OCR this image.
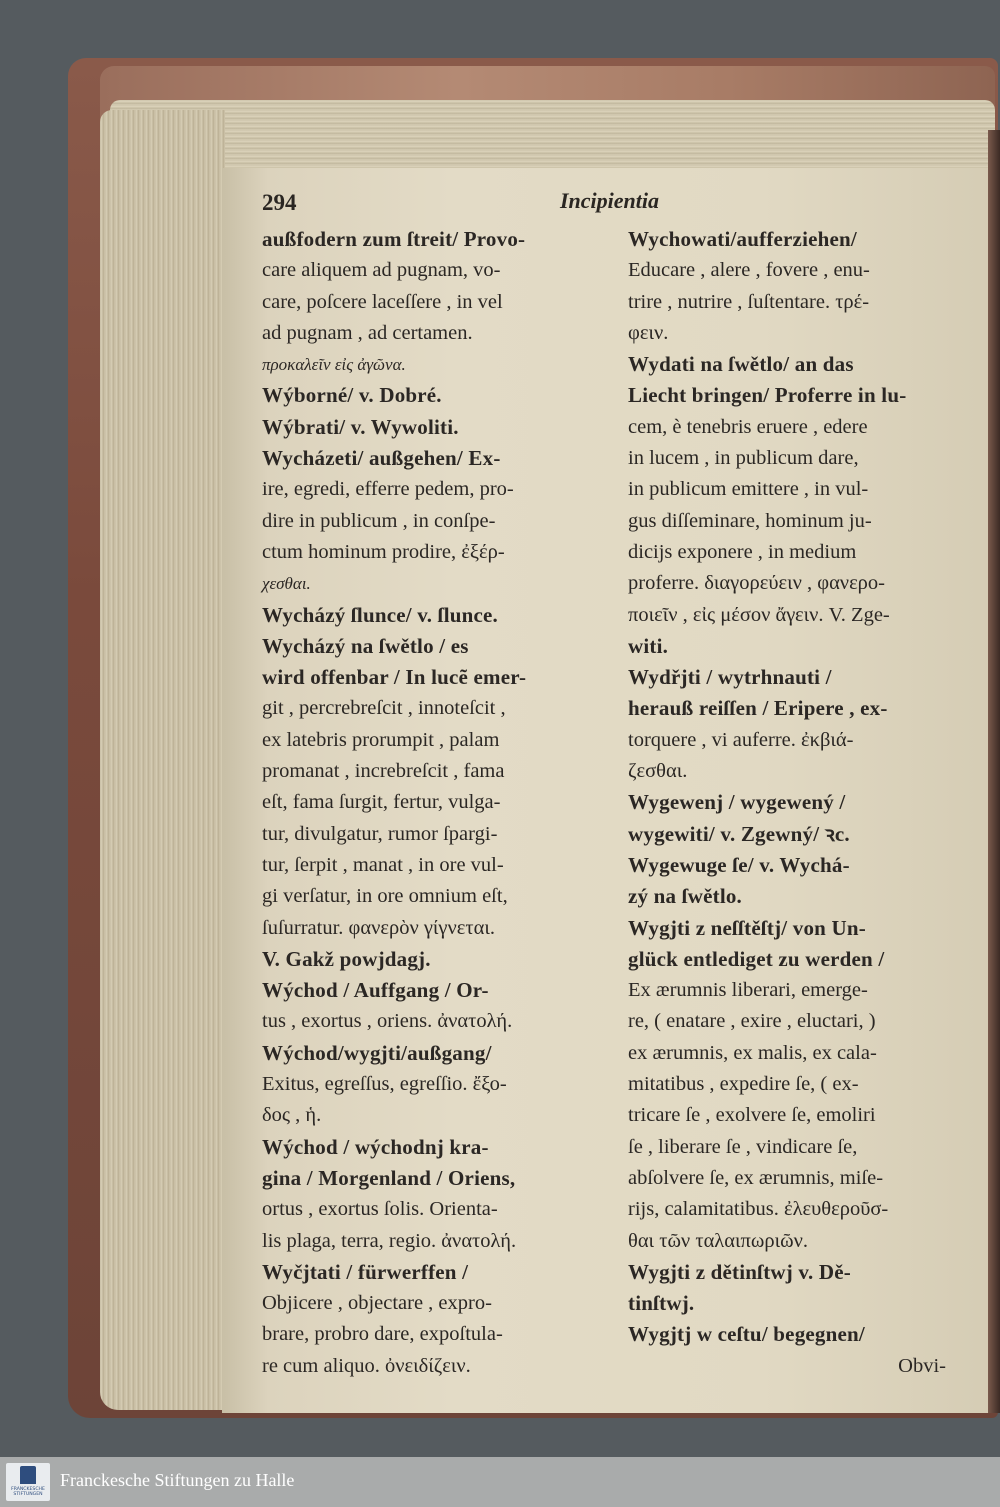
294	Incipientia
außfodern zum ſtreit/ Provo-
care aliquem ad pugnam, vo-
care, poſcere laceſſere , in vel
ad pugnam , ad certamen.
προκαλεῖν εἰς ἀγῶνα.
Wýborné/ v. Dobré.
Wýbrati/ v. Wywoliti.
Wycházeti/ außgehen/ Ex-
ire, egredi, efferre pedem, pro-
dire in publicum , in conſpe-
ctum hominum prodire, ἐξέρ-
χεσθαι.
Wycházý ſlunce/ v. ſlunce.
Wycházý na ſwětlo / es
wird offenbar / In lucẽ emer-
git , percrebreſcit , innoteſcit ,
ex latebris prorumpit , palam
promanat , increbreſcit , fama
eſt, fama ſurgit, fertur, vulga-
tur, divulgatur, rumor ſpargi-
tur, ſerpit , manat , in ore vul-
gi verſatur, in ore omnium eſt,
ſuſurratur. φανερὸν γίγνεται.
V. Gakž powjdagj.
Wýchod / Auffgang / Or-
tus , exortus , oriens. ἀνατολή.
Wýchod/wygjti/außgang/
Exitus, egreſſus, egreſſio. ἔξο-
δος , ἡ.
Wýchod / wýchodnj kra-
gina / Morgenland / Oriens,
ortus , exortus ſolis. Orienta-
lis plaga, terra, regio. ἀνατολή.
Wyčjtati / fürwerffen /
Objicere , objectare , expro-
brare, probro dare, expoſtula-
re cum aliquo. ὀνειδίζειν.
Wychowati/aufferziehen/
Educare , alere , fovere , enu-
trire , nutrire , ſuſtentare. τρέ-
φειν.
Wydati na ſwětlo/ an das
Liecht bringen/ Proferre in lu-
cem, è tenebris eruere , edere
in lucem , in publicum dare,
in publicum emittere , in vul-
gus diſſeminare, hominum ju-
dicijs exponere , in medium
proferre. διαγορεύειν , φανερο-
ποιεῖν , εἰς μέσον ἄγειν. V. Zge-
witi.
Wydřjti / wytrhnauti /
herauß reiſſen / Eripere , ex-
torquere , vi auferre. ἐκβιά-
ζεσθαι.
Wygewenj / wygewený /
wygewiti/ v. Zgewný/ ꝛc.
Wygewuge ſe/ v. Wychá-
zý na ſwětlo.
Wygjti z neſſtěſtj/ von Un-
glück entlediget zu werden /
Ex ærumnis liberari, emerge-
re, ( enatare , exire , eluctari, )
ex ærumnis, ex malis, ex cala-
mitatibus , expedire ſe, ( ex-
tricare ſe , exolvere ſe, emoliri
ſe , liberare ſe , vindicare ſe,
abſolvere ſe, ex ærumnis, miſe-
rijs, calamitatibus. ἐλευθεροῦσ-
θαι τῶν ταλαιπωριῶν.
Wygjti z dětinſtwj v. Dě-
tinſtwj.
Wygjtj w ceſtu/ begegnen/
Obvi-
FRANCKESCHE STIFTUNGEN
Franckesche Stiftungen zu Halle
